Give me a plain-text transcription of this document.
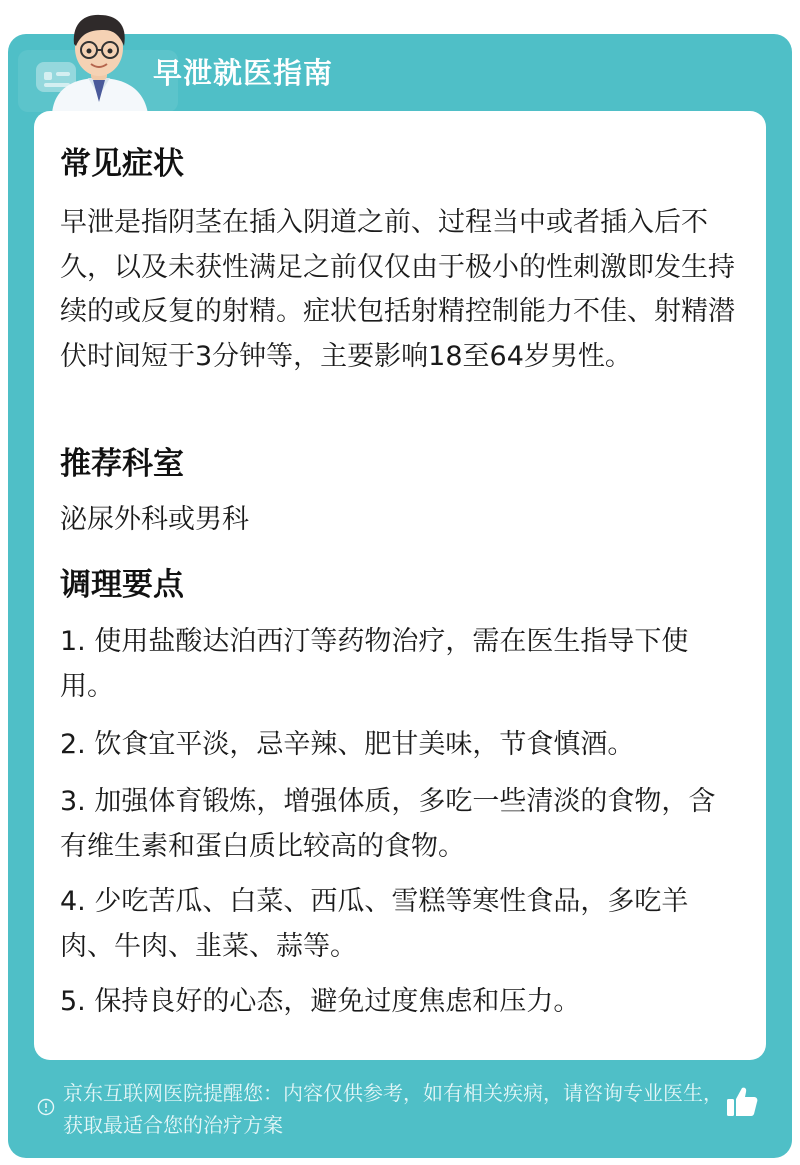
早泄就医指南
常见症状
早泄是指阴茎在插入阴道之前、过程当中或者插入后不久，以及未获性满足之前仅仅由于极小的性刺激即发生持续的或反复的射精。症状包括射精控制能力不佳、射精潜伏时间短于3分钟等，主要影响18至64岁男性。
推荐科室
泌尿外科或男科
调理要点
1. 使用盐酸达泊西汀等药物治疗，需在医生指导下使用。
2. 饮食宜平淡，忌辛辣、肥甘美味，节食慎酒。
3. 加强体育锻炼，增强体质，多吃一些清淡的食物，含有维生素和蛋白质比较高的食物。
4. 少吃苦瓜、白菜、西瓜、雪糕等寒性食品，多吃羊肉、牛肉、韭菜、蒜等。
5. 保持良好的心态，避免过度焦虑和压力。
京东互联网医院提醒您：内容仅供参考，如有相关疾病，请咨询专业医生，获取最适合您的治疗方案
